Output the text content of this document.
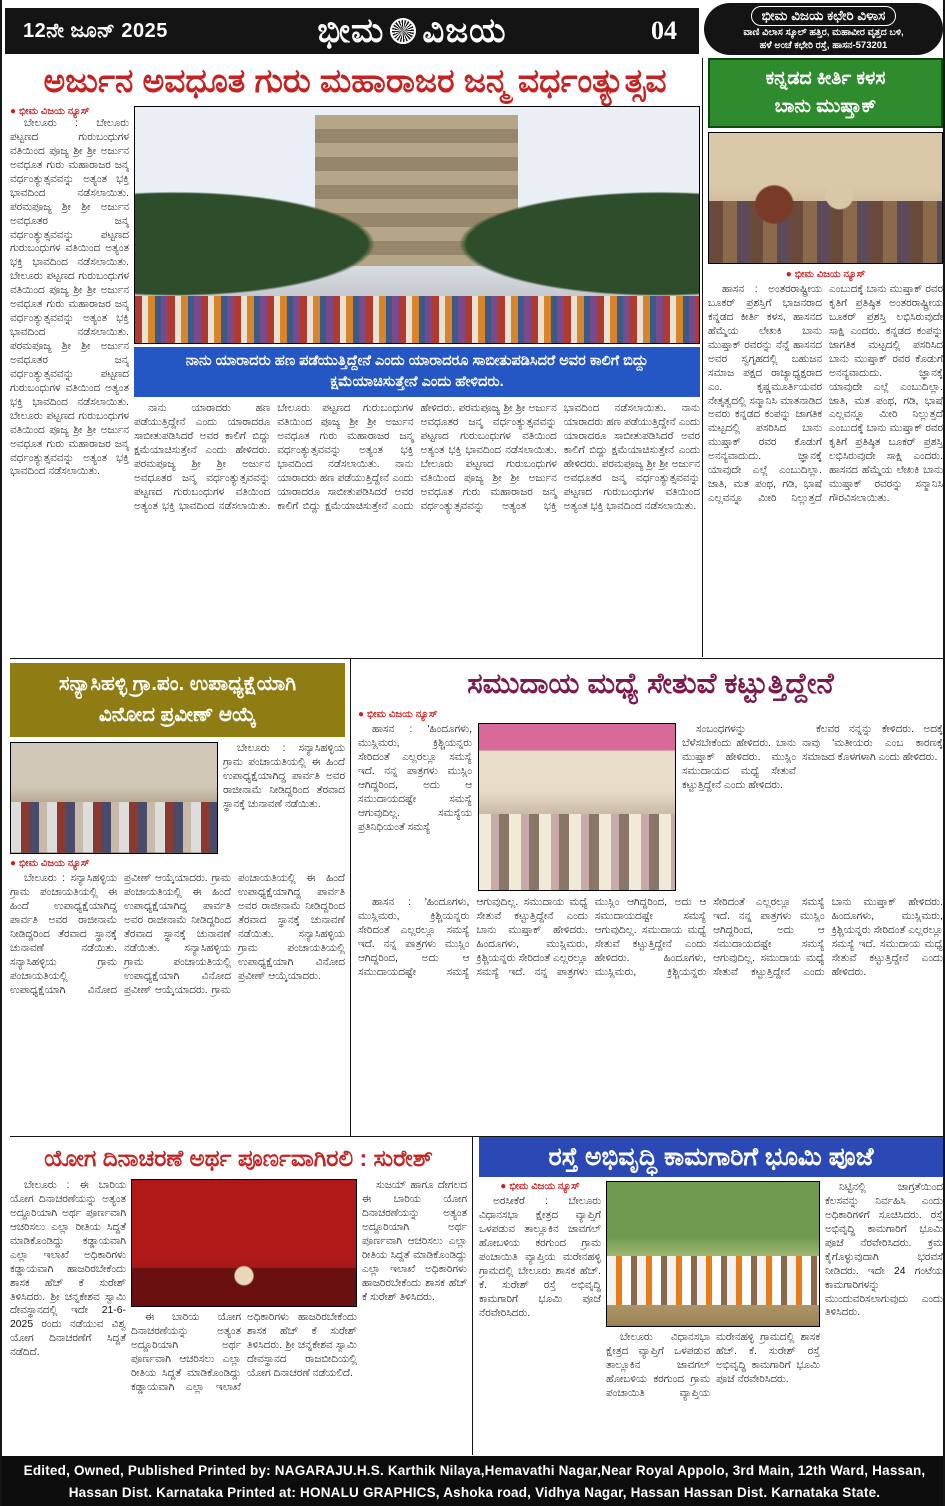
12ನೇ ಜೂನ್ 2025	ಭೀಮ ವಿಜಯ	04
ಭೀಮ ವಿಜಯ ಕಛೇರಿ ವಿಳಾಸ
ವಾಣಿ ವಿಲಾಸ ಸ್ಕೂಲ್ ಹತ್ತಿರ, ಮಹಾವೀರ ವೃತ್ತದ ಬಳಿ,
ಹಳೆ ಅಂಚೆ ಕಛೇರಿ ರಸ್ತೆ, ಹಾಸನ-573201
ಅರ್ಜುನ ಅವಧೂತ ಗುರು ಮಹಾರಾಜರ ಜನ್ಮ ವರ್ಧಂತ್ಯುತ್ಸವ
● ಭೀಮ ವಿಜಯ ನ್ಯೂಸ್
ಬೇಲೂರು : ಬೇಲೂರು ಪಟ್ಟಣದ ಗುರುಬಂಧುಗಳ ವತಿಯಿಂದ ಪೂಜ್ಯ ಶ್ರೀ ಶ್ರೀ ಅರ್ಜುನ ಅವಧೂತ ಗುರು ಮಹಾರಾಜರ ಜನ್ಮ ವರ್ಧಂತ್ಯುತ್ಸವವನ್ನು ಅತ್ಯಂತ ಭಕ್ತಿ ಭಾವದಿಂದ ನಡೆಸಲಾಯಿತು. ಪರಮಪೂಜ್ಯ ಶ್ರೀ ಶ್ರೀ ಅರ್ಜುನ ಅವಧೂತರ ಜನ್ಮ ವರ್ಧಂತ್ಯುತ್ಸವವನ್ನು ಪಟ್ಟಣದ ಗುರುಬಂಧುಗಳ ವತಿಯಿಂದ ಅತ್ಯಂತ ಭಕ್ತಿ ಭಾವದಿಂದ ನಡೆಸಲಾಯಿತು. ಬೇಲೂರು ಪಟ್ಟಣದ ಗುರುಬಂಧುಗಳ ವತಿಯಿಂದ ಪೂಜ್ಯ ಶ್ರೀ ಶ್ರೀ ಅರ್ಜುನ ಅವಧೂತ ಗುರು ಮಹಾರಾಜರ ಜನ್ಮ ವರ್ಧಂತ್ಯುತ್ಸವವನ್ನು ಅತ್ಯಂತ ಭಕ್ತಿ ಭಾವದಿಂದ ನಡೆಸಲಾಯಿತು. ಪರಮಪೂಜ್ಯ ಶ್ರೀ ಶ್ರೀ ಅರ್ಜುನ ಅವಧೂತರ ಜನ್ಮ ವರ್ಧಂತ್ಯುತ್ಸವವನ್ನು ಪಟ್ಟಣದ ಗುರುಬಂಧುಗಳ ವತಿಯಿಂದ ಅತ್ಯಂತ ಭಕ್ತಿ ಭಾವದಿಂದ ನಡೆಸಲಾಯಿತು. ಬೇಲೂರು ಪಟ್ಟಣದ ಗುರುಬಂಧುಗಳ ವತಿಯಿಂದ ಪೂಜ್ಯ ಶ್ರೀ ಶ್ರೀ ಅರ್ಜುನ ಅವಧೂತ ಗುರು ಮಹಾರಾಜರ ಜನ್ಮ ವರ್ಧಂತ್ಯುತ್ಸವವನ್ನು ಅತ್ಯಂತ ಭಕ್ತಿ ಭಾವದಿಂದ ನಡೆಸಲಾಯಿತು.
ನಾನು ಯಾರಾದರು ಹಣ ಪಡೆಯುತ್ತಿದ್ದೇನೆ ಎಂದು ಯಾರಾದರೂ ಸಾಬೀತುಪಡಿಸಿದರೆ ಅವರ ಕಾಲಿಗೆ ಬಿದ್ದು ಕ್ಷಮೆಯಾಚಿಸುತ್ತೇನೆ ಎಂದು ಹೇಳಿದರು.
ನಾನು ಯಾರಾದರು ಹಣ ಪಡೆಯುತ್ತಿದ್ದೇನೆ ಎಂದು ಯಾರಾದರೂ ಸಾಬೀತುಪಡಿಸಿದರೆ ಅವರ ಕಾಲಿಗೆ ಬಿದ್ದು ಕ್ಷಮೆಯಾಚಿಸುತ್ತೇನೆ ಎಂದು ಹೇಳಿದರು. ಪರಮಪೂಜ್ಯ ಶ್ರೀ ಶ್ರೀ ಅರ್ಜುನ ಅವಧೂತರ ಜನ್ಮ ವರ್ಧಂತ್ಯುತ್ಸವವನ್ನು ಪಟ್ಟಣದ ಗುರುಬಂಧುಗಳ ವತಿಯಿಂದ ಅತ್ಯಂತ ಭಕ್ತಿ ಭಾವದಿಂದ ನಡೆಸಲಾಯಿತು. ಬೇಲೂರು ಪಟ್ಟಣದ ಗುರುಬಂಧುಗಳ ವತಿಯಿಂದ ಪೂಜ್ಯ ಶ್ರೀ ಶ್ರೀ ಅರ್ಜುನ ಅವಧೂತ ಗುರು ಮಹಾರಾಜರ ಜನ್ಮ ವರ್ಧಂತ್ಯುತ್ಸವವನ್ನು ಅತ್ಯಂತ ಭಕ್ತಿ ಭಾವದಿಂದ ನಡೆಸಲಾಯಿತು. ನಾನು ಯಾರಾದರು ಹಣ ಪಡೆಯುತ್ತಿದ್ದೇನೆ ಎಂದು ಯಾರಾದರೂ ಸಾಬೀತುಪಡಿಸಿದರೆ ಅವರ ಕಾಲಿಗೆ ಬಿದ್ದು ಕ್ಷಮೆಯಾಚಿಸುತ್ತೇನೆ ಎಂದು ಹೇಳಿದರು. ಪರಮಪೂಜ್ಯ ಶ್ರೀ ಶ್ರೀ ಅರ್ಜುನ ಅವಧೂತರ ಜನ್ಮ ವರ್ಧಂತ್ಯುತ್ಸವವನ್ನು ಪಟ್ಟಣದ ಗುರುಬಂಧುಗಳ ವತಿಯಿಂದ ಅತ್ಯಂತ ಭಕ್ತಿ ಭಾವದಿಂದ ನಡೆಸಲಾಯಿತು. ಬೇಲೂರು ಪಟ್ಟಣದ ಗುರುಬಂಧುಗಳ ವತಿಯಿಂದ ಪೂಜ್ಯ ಶ್ರೀ ಶ್ರೀ ಅರ್ಜುನ ಅವಧೂತ ಗುರು ಮಹಾರಾಜರ ಜನ್ಮ ವರ್ಧಂತ್ಯುತ್ಸವವನ್ನು ಅತ್ಯಂತ ಭಕ್ತಿ ಭಾವದಿಂದ ನಡೆಸಲಾಯಿತು. ನಾನು ಯಾರಾದರು ಹಣ ಪಡೆಯುತ್ತಿದ್ದೇನೆ ಎಂದು ಯಾರಾದರೂ ಸಾಬೀತುಪಡಿಸಿದರೆ ಅವರ ಕಾಲಿಗೆ ಬಿದ್ದು ಕ್ಷಮೆಯಾಚಿಸುತ್ತೇನೆ ಎಂದು ಹೇಳಿದರು. ಪರಮಪೂಜ್ಯ ಶ್ರೀ ಶ್ರೀ ಅರ್ಜುನ ಅವಧೂತರ ಜನ್ಮ ವರ್ಧಂತ್ಯುತ್ಸವವನ್ನು ಪಟ್ಟಣದ ಗುರುಬಂಧುಗಳ ವತಿಯಿಂದ ಅತ್ಯಂತ ಭಕ್ತಿ ಭಾವದಿಂದ ನಡೆಸಲಾಯಿತು.
ಕನ್ನಡದ ಕೀರ್ತಿ ಕಳಸ
ಬಾನು ಮುಷ್ತಾಕ್
● ಭೀಮ ವಿಜಯ ನ್ಯೂಸ್
ಹಾಸನ : ಅಂತರರಾಷ್ಟ್ರೀಯ ಬೂಕರ್ ಪ್ರಶಸ್ತಿಗೆ ಭಾಜನರಾದ ಕನ್ನಡದ ಕೀರ್ತಿ ಕಳಸ, ಹಾಸನದ ಹೆಮ್ಮೆಯ ಲೇಖಕಿ ಬಾನು ಮುಷ್ತಾಕ್ ರವರನ್ನು ನೆನ್ನೆ ಹಾಸನದ ಅವರ ಸ್ವಗೃಹದಲ್ಲಿ ಬಹುಜನ ಸಮಾಜ ಪಕ್ಷದ ರಾಜ್ಯಾಧ್ಯಕ್ಷರಾದ ಎಂ. ಕೃಷ್ಣಮೂರ್ತಿಯವರ ನೇತೃತ್ವದಲ್ಲಿ ಸನ್ಮಾನಿಸಿ ಮಾತನಾಡಿದ ಅವರು ಕನ್ನಡದ ಕಂಪನ್ನು ಜಾಗತಿಕ ಮಟ್ಟದಲ್ಲಿ ಪಸರಿಸಿದ ಬಾನು ಮುಷ್ತಾಕ್ ರವರ ಕೊಡುಗೆ ಅನನ್ಯವಾದುದು. ಜ್ಞಾನಕ್ಕೆ ಯಾವುದೇ ಎಲ್ಲೆ ಎಂಬುದಿಲ್ಲಾ. ಜಾತಿ, ಮತ ಪಂಥ, ಗಡಿ, ಭಾಷೆ ಎಲ್ಲವನ್ನೂ ಮೀರಿ ನಿಲ್ಲುತ್ತದೆ ಎಂಬುದಕ್ಕೆ ಬಾನು ಮುಷ್ತಾಕ್ ರವರ ಕೃತಿಗೆ ಪ್ರತಿಷ್ಠಿತ ಅಂತರರಾಷ್ಟ್ರೀಯ ಬೂಕರ್ ಪ್ರಶಸ್ತಿ ಲಭಿಸಿರುವುದೇ ಸಾಕ್ಷಿ ಎಂದರು. ಕನ್ನಡದ ಕಂಪನ್ನು ಜಾಗತಿಕ ಮಟ್ಟದಲ್ಲಿ ಪಸರಿಸಿದ ಬಾನು ಮುಷ್ತಾಕ್ ರವರ ಕೊಡುಗೆ ಅನನ್ಯವಾದುದು. ಜ್ಞಾನಕ್ಕೆ ಯಾವುದೇ ಎಲ್ಲೆ ಎಂಬುದಿಲ್ಲಾ. ಜಾತಿ, ಮತ ಪಂಥ, ಗಡಿ, ಭಾಷೆ ಎಲ್ಲವನ್ನೂ ಮೀರಿ ನಿಲ್ಲುತ್ತದೆ ಎಂಬುದಕ್ಕೆ ಬಾನು ಮುಷ್ತಾಕ್ ರವರ ಕೃತಿಗೆ ಪ್ರತಿಷ್ಠಿತ ಬೂಕರ್ ಪ್ರಶಸ್ತಿ ಲಭಿಸಿರುವುದೇ ಸಾಕ್ಷಿ ಎಂದರು. ಹಾಸನದ ಹೆಮ್ಮೆಯ ಲೇಖಕಿ ಬಾನು ಮುಷ್ತಾಕ್ ರವರನ್ನು ಸನ್ಮಾನಿಸಿ ಗೌರವಿಸಲಾಯಿತು.
ಸನ್ಯಾಸಿಹಳ್ಳಿ ಗ್ರಾ.ಪಂ. ಉಪಾಧ್ಯಕ್ಷೆಯಾಗಿ
ವಿನೋದ ಪ್ರವೀಣ್ ಆಯ್ಕೆ
ಬೇಲೂರು : ಸನ್ಯಾಸಿಹಳ್ಳಿಯ ಗ್ರಾಮ ಪಂಚಾಯತಿಯಲ್ಲಿ ಈ ಹಿಂದೆ ಉಪಾಧ್ಯಕ್ಷೆಯಾಗಿದ್ದ ಪಾರ್ವತಿ ಅವರ ರಾಜೀನಾಮೆ ನೀಡಿದ್ದರಿಂದ ತೆರವಾದ ಸ್ಥಾನಕ್ಕೆ ಚುನಾವಣೆ ನಡೆಯಿತು.
● ಭೀಮ ವಿಜಯ ನ್ಯೂಸ್
ಬೇಲೂರು : ಸನ್ಯಾಸಿಹಳ್ಳಿಯ ಗ್ರಾಮ ಪಂಚಾಯತಿಯಲ್ಲಿ ಈ ಹಿಂದೆ ಉಪಾಧ್ಯಕ್ಷೆಯಾಗಿದ್ದ ಪಾರ್ವತಿ ಅವರ ರಾಜೀನಾಮೆ ನೀಡಿದ್ದರಿಂದ ತೆರವಾದ ಸ್ಥಾನಕ್ಕೆ ಚುನಾವಣೆ ನಡೆಯಿತು. ಸನ್ಯಾಸಿಹಳ್ಳಿಯ ಗ್ರಾಮ ಪಂಚಾಯತಿಯಲ್ಲಿ ಉಪಾಧ್ಯಕ್ಷೆಯಾಗಿ ವಿನೋದ ಪ್ರವೀಣ್ ಆಯ್ಕೆಯಾದರು. ಗ್ರಾಮ ಪಂಚಾಯತಿಯಲ್ಲಿ ಈ ಹಿಂದೆ ಉಪಾಧ್ಯಕ್ಷೆಯಾಗಿದ್ದ ಪಾರ್ವತಿ ಅವರ ರಾಜೀನಾಮೆ ನೀಡಿದ್ದರಿಂದ ತೆರವಾದ ಸ್ಥಾನಕ್ಕೆ ಚುನಾವಣೆ ನಡೆಯಿತು. ಸನ್ಯಾಸಿಹಳ್ಳಿಯ ಗ್ರಾಮ ಪಂಚಾಯತಿಯಲ್ಲಿ ಉಪಾಧ್ಯಕ್ಷೆಯಾಗಿ ವಿನೋದ ಪ್ರವೀಣ್ ಆಯ್ಕೆಯಾದರು. ಗ್ರಾಮ ಪಂಚಾಯತಿಯಲ್ಲಿ ಈ ಹಿಂದೆ ಉಪಾಧ್ಯಕ್ಷೆಯಾಗಿದ್ದ ಪಾರ್ವತಿ ಅವರ ರಾಜೀನಾಮೆ ನೀಡಿದ್ದರಿಂದ ತೆರವಾದ ಸ್ಥಾನಕ್ಕೆ ಚುನಾವಣೆ ನಡೆಯಿತು. ಸನ್ಯಾಸಿಹಳ್ಳಿಯ ಗ್ರಾಮ ಪಂಚಾಯತಿಯಲ್ಲಿ ಉಪಾಧ್ಯಕ್ಷೆಯಾಗಿ ವಿನೋದ ಪ್ರವೀಣ್ ಆಯ್ಕೆಯಾದರು.
ಸಮುದಾಯ ಮಧ್ಯೆ ಸೇತುವೆ ಕಟ್ಟುತ್ತಿದ್ದೇನೆ
● ಭೀಮ ವಿಜಯ ನ್ಯೂಸ್
ಹಾಸನ : 'ಹಿಂದೂಗಳು, ಮುಸ್ಲಿಮರು, ಕ್ರಿಶ್ಚಿಯನ್ನರು ಸೇರಿದಂತೆ ಎಲ್ಲರಲ್ಲೂ ಸಮಸ್ಯೆ ಇದೆ. ನನ್ನ ಪಾತ್ರಗಳು ಮುಸ್ಲಿಂ ಆಗಿದ್ದರಿಂದ, ಅದು ಆ ಸಮುದಾಯದಷ್ಟೇ ಸಮಸ್ಯೆ ಆಗುವುದಿಲ್ಲ. ಸಮಸ್ಯೆಯ ಪ್ರತಿನಿಧಿಯಂತೆ ಸಮಸ್ಯೆ
ಸಂಬಂಧಗಳನ್ನು ಬೆಳೆಸಬೇಕೆಂದು ಹೇಳಿದರು. ಬಾನು ಮುಷ್ತಾಕ್ ಹೇಳಿದರು. ಮುಸ್ಲಿಂ ಸಮುದಾಯದ ಮಧ್ಯೆ ಸೇತುವೆ ಕಟ್ಟುತ್ತಿದ್ದೇನೆ ಎಂದು ಹೇಳಿದರು.
ಕೆಲವರ ನನ್ನನ್ನು ಕೇಳಿದರು. ಅದಕ್ಕೆ ನಾವು 'ಮತೀಯರು ಎಂಬ ಕಾರಣಕ್ಕೆ ಸಮಾಜದ ಕೊಳಗಳಾಗಿ ಎಂದು ಹೇಳಿದರು.
ಹಾಸನ : 'ಹಿಂದೂಗಳು, ಮುಸ್ಲಿಮರು, ಕ್ರಿಶ್ಚಿಯನ್ನರು ಸೇರಿದಂತೆ ಎಲ್ಲರಲ್ಲೂ ಸಮಸ್ಯೆ ಇದೆ. ನನ್ನ ಪಾತ್ರಗಳು ಮುಸ್ಲಿಂ ಆಗಿದ್ದರಿಂದ, ಅದು ಆ ಸಮುದಾಯದಷ್ಟೇ ಸಮಸ್ಯೆ ಆಗುವುದಿಲ್ಲ. ಸಮುದಾಯ ಮಧ್ಯೆ ಸೇತುವೆ ಕಟ್ಟುತ್ತಿದ್ದೇನೆ ಎಂದು ಬಾನು ಮುಷ್ತಾಕ್ ಹೇಳಿದರು. ಹಿಂದೂಗಳು, ಮುಸ್ಲಿಮರು, ಕ್ರಿಶ್ಚಿಯನ್ನರು ಸೇರಿದಂತೆ ಎಲ್ಲರಲ್ಲೂ ಸಮಸ್ಯೆ ಇದೆ. ನನ್ನ ಪಾತ್ರಗಳು ಮುಸ್ಲಿಂ ಆಗಿದ್ದರಿಂದ, ಅದು ಆ ಸಮುದಾಯದಷ್ಟೇ ಸಮಸ್ಯೆ ಆಗುವುದಿಲ್ಲ. ಸಮುದಾಯ ಮಧ್ಯೆ ಸೇತುವೆ ಕಟ್ಟುತ್ತಿದ್ದೇನೆ ಎಂದು ಹೇಳಿದರು. ಹಿಂದೂಗಳು, ಮುಸ್ಲಿಮರು, ಕ್ರಿಶ್ಚಿಯನ್ನರು ಸೇರಿದಂತೆ ಎಲ್ಲರಲ್ಲೂ ಸಮಸ್ಯೆ ಇದೆ. ನನ್ನ ಪಾತ್ರಗಳು ಮುಸ್ಲಿಂ ಆಗಿದ್ದರಿಂದ, ಅದು ಆ ಸಮುದಾಯದಷ್ಟೇ ಸಮಸ್ಯೆ ಆಗುವುದಿಲ್ಲ. ಸಮುದಾಯ ಮಧ್ಯೆ ಸೇತುವೆ ಕಟ್ಟುತ್ತಿದ್ದೇನೆ ಎಂದು ಬಾನು ಮುಷ್ತಾಕ್ ಹೇಳಿದರು. ಹಿಂದೂಗಳು, ಮುಸ್ಲಿಮರು, ಕ್ರಿಶ್ಚಿಯನ್ನರು ಸೇರಿದಂತೆ ಎಲ್ಲರಲ್ಲೂ ಸಮಸ್ಯೆ ಇದೆ. ಸಮುದಾಯ ಮಧ್ಯೆ ಸೇತುವೆ ಕಟ್ಟುತ್ತಿದ್ದೇನೆ ಎಂದು ಹೇಳಿದರು.
ಯೋಗ ದಿನಾಚರಣೆ ಅರ್ಥ ಪೂರ್ಣವಾಗಿರಲಿ : ಸುರೇಶ್
ಬೇಲೂರು : ಈ ಬಾರಿಯ ಯೋಗ ದಿನಾಚರಣೆಯನ್ನು ಅತ್ಯಂತ ಅದ್ದೂರಿಯಾಗಿ ಅರ್ಥ ಪೂರ್ಣವಾಗಿ ಆಚರಿಸಲು ಎಲ್ಲಾ ರೀತಿಯ ಸಿದ್ದತೆ ಮಾಡಿಕೊಂಡಿದ್ದು ಕಡ್ಡಾಯವಾಗಿ ಎಲ್ಲಾ ಇಲಾಖೆ ಅಧಿಕಾರಿಗಳು ಕಡ್ಡಾಯವಾಗಿ ಹಾಜರಿರಬೇಕೆಂದು ಶಾಸಕ ಹೆಚ್ ಕೆ ಸುರೇಶ್ ತಿಳಿಸಿದರು. ಶ್ರೀ ಚನ್ನಕೇಶವ ಸ್ವಾಮಿ ದೇವಸ್ಥಾನದಲ್ಲಿ ಇದೇ 21-6-2025 ರಂದು ನಡೆಯುವ ವಿಶ್ವ ಯೋಗ ದಿನಾಚರಣೆಗೆ ಸಿದ್ದತೆ ನಡೆದಿದೆ.
ಈ ಬಾರಿಯ ಯೋಗ ದಿನಾಚರಣೆಯನ್ನು ಅತ್ಯಂತ ಅದ್ದೂರಿಯಾಗಿ ಅರ್ಥ ಪೂರ್ಣವಾಗಿ ಆಚರಿಸಲು ಎಲ್ಲಾ ರೀತಿಯ ಸಿದ್ದತೆ ಮಾಡಿಕೊಂಡಿದ್ದು ಕಡ್ಡಾಯವಾಗಿ ಎಲ್ಲಾ ಇಲಾಖೆ ಅಧಿಕಾರಿಗಳು ಹಾಜರಿರಬೇಕೆಂದು ಶಾಸಕ ಹೆಚ್ ಕೆ ಸುರೇಶ್ ತಿಳಿಸಿದರು. ಶ್ರೀ ಚನ್ನಕೇಶವ ಸ್ವಾಮಿ ದೇವಸ್ಥಾನದ ರಾಜಬೀದಿಯಲ್ಲಿ ಯೋಗ ದಿನಾಚರಣೆ ನಡೆಯಲಿದೆ.
ಸುಜಯ್ ಹಾಗೂ ದೇಗಲದ ಈ ಬಾರಿಯ ಯೋಗ ದಿನಾಚರಣೆಯನ್ನು ಅತ್ಯಂತ ಅದ್ದೂರಿಯಾಗಿ ಅರ್ಥ ಪೂರ್ಣವಾಗಿ ಆಚರಿಸಲು ಎಲ್ಲಾ ರೀತಿಯ ಸಿದ್ದತೆ ಮಾಡಿಕೊಂಡಿದ್ದು ಎಲ್ಲಾ ಇಲಾಖೆ ಅಧಿಕಾರಿಗಳು ಹಾಜರಿರಬೇಕೆಂದು ಶಾಸಕ ಹೆಚ್ ಕೆ ಸುರೇಶ್ ತಿಳಿಸಿದರು.
ರಸ್ತೆ ಅಭಿವೃದ್ಧಿ ಕಾಮಗಾರಿಗೆ ಭೂಮಿ ಪೂಜೆ
● ಭೀಮ ವಿಜಯ ನ್ಯೂಸ್
ಅರಸೀಕೆರೆ : ಬೇಲೂರು ವಿಧಾನಸಭಾ ಕ್ಷೇತ್ರದ ವ್ಯಾಪ್ತಿಗೆ ಒಳಪಡುವ ತಾಲ್ಲೂಕಿನ ಜಾವಗಲ್ ಹೋಬಳಿಯ ಕರಗುಂದ ಗ್ರಾಮ ಪಂಚಾಯಿತಿ ವ್ಯಾಪ್ತಿಯ ಮರೇನಹಳ್ಳಿ ಗ್ರಾಮದಲ್ಲಿ ಬೇಲೂರು ಶಾಸಕ ಹೆಚ್. ಕೆ. ಸುರೇಶ್ ರಸ್ತೆ ಅಭಿವೃದ್ಧಿ ಕಾಮಗಾರಿಗೆ ಭೂಮಿ ಪೂಜೆ ನೆರವೇರಿಸಿದರು.
ಬೇಲೂರು ವಿಧಾನಸಭಾ ಕ್ಷೇತ್ರದ ವ್ಯಾಪ್ತಿಗೆ ಒಳಪಡುವ ತಾಲ್ಲೂಕಿನ ಜಾವಗಲ್ ಹೋಬಳಿಯ ಕರಗುಂದ ಗ್ರಾಮ ಪಂಚಾಯಿತಿ ವ್ಯಾಪ್ತಿಯ ಮರೇನಹಳ್ಳಿ ಗ್ರಾಮದಲ್ಲಿ ಶಾಸಕ ಹೆಚ್. ಕೆ. ಸುರೇಶ್ ರಸ್ತೆ ಅಭಿವೃದ್ಧಿ ಕಾಮಗಾರಿಗೆ ಭೂಮಿ ಪೂಜೆ ನೆರವೇರಿಸಿದರು.
ನಿಟ್ಟಿನಲ್ಲಿ ಜಾಗ್ರತೆಯಿಂದ ಕೆಲಸವನ್ನು ನಿರ್ವಹಿಸಿ ಎಂದು ಅಧಿಕಾರಿಗಳಿಗೆ ಸೂಚಿಸಿದರು. ರಸ್ತೆ ಅಭಿವೃದ್ಧಿ ಕಾಮಗಾರಿಗೆ ಭೂಮಿ ಪೂಜೆ ನೆರವೇರಿಸಿದರು. ಕ್ರಮ ಕೈಗೊಳ್ಳುವುದಾಗಿ ಭರವಸೆ ನೀಡಿದರು. ಇದೇ 24 ಗಂಟೆಯ ಕಾಮಗಾರಿಗಳನ್ನು ಮುಂದುವರಿಸಲಾಗುವುದು ಎಂದು ತಿಳಿಸಿದರು.
Edited, Owned, Published Printed by: NAGARAJU.H.S. Karthik Nilaya,Hemavathi Nagar,Near Royal Appolo, 3rd Main, 12th Ward, Hassan,
Hassan Dist. Karnataka Printed at: HONALU GRAPHICS, Ashoka road, Vidhya Nagar, Hassan Hassan Dist. Karnataka State.
